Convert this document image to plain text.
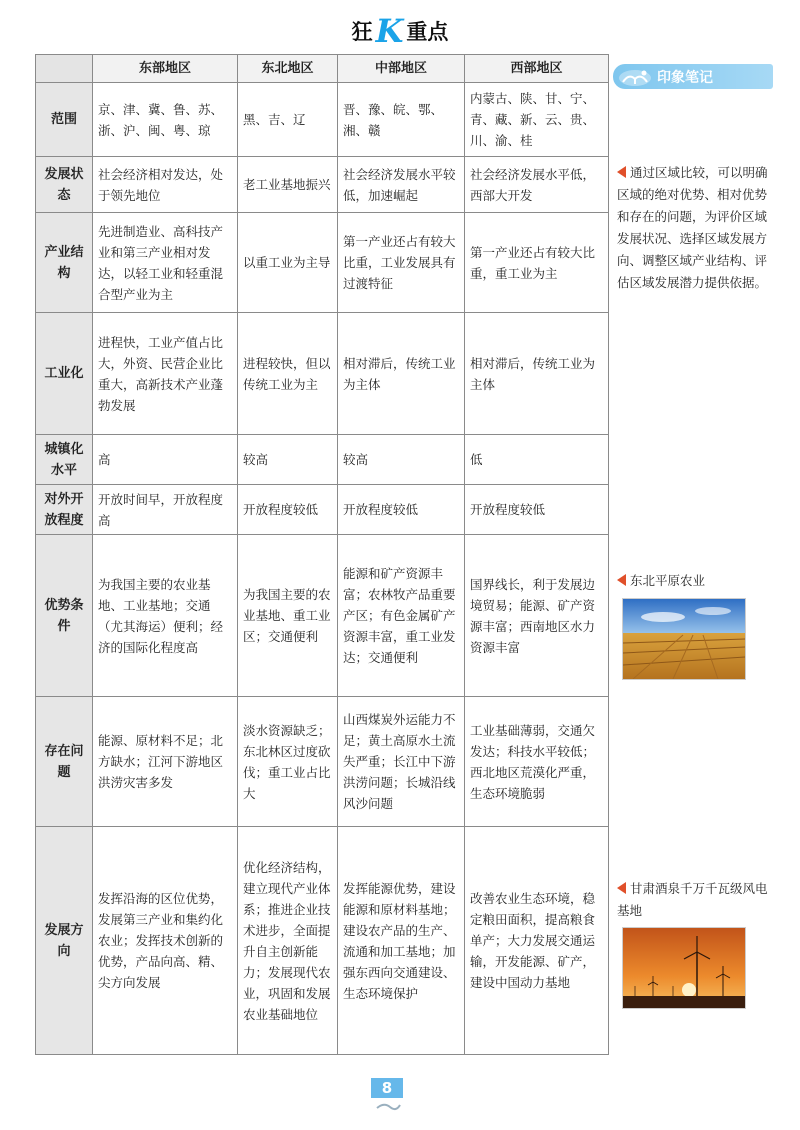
狂 K 重点
	东部地区	东北地区	中部地区	西部地区
范围	京、津、冀、鲁、苏、浙、沪、闽、粤、琼	黑、吉、辽	晋、豫、皖、鄂、湘、赣	内蒙古、陕、甘、宁、青、藏、新、云、贵、川、渝、桂
发展状态	社会经济相对发达，处于领先地位	老工业基地振兴	社会经济发展水平较低，加速崛起	社会经济发展水平低，西部大开发
产业结构	先进制造业、高科技产业和第三产业相对发达，以轻工业和轻重混合型产业为主	以重工业为主导	第一产业还占有较大比重，工业发展具有过渡特征	第一产业还占有较大比重，重工业为主
工业化	进程快，工业产值占比大，外资、民营企业比重大，高新技术产业蓬勃发展	进程较快，但以传统工业为主	相对滞后，传统工业为主体	相对滞后，传统工业为主体
城镇化水平	高	较高	较高	低
对外开放程度	开放时间早，开放程度高	开放程度较低	开放程度较低	开放程度较低
优势条件	为我国主要的农业基地、工业基地；交通（尤其海运）便利；经济的国际化程度高	为我国主要的农业基地、重工业区；交通便利	能源和矿产资源丰富；农林牧产品重要产区；有色金属矿产资源丰富，重工业发达；交通便利	国界线长，利于发展边境贸易；能源、矿产资源丰富；西南地区水力资源丰富
存在问题	能源、原材料不足；北方缺水；江河下游地区洪涝灾害多发	淡水资源缺乏；东北林区过度砍伐；重工业占比大	山西煤炭外运能力不足；黄土高原水土流失严重；长江中下游洪涝问题；长城沿线风沙问题	工业基础薄弱，交通欠发达；科技水平较低；西北地区荒漠化严重，生态环境脆弱
发展方向	发挥沿海的区位优势，发展第三产业和集约化农业；发挥技术创新的优势，产品向高、精、尖方向发展	优化经济结构，建立现代产业体系；推进企业技术进步，全面提升自主创新能力；发展现代农业，巩固和发展农业基础地位	发挥能源优势，建设能源和原材料基地；建设农产品的生产、流通和加工基地；加强东西向交通建设、生态环境保护	改善农业生态环境，稳定粮田面积，提高粮食单产；大力发展交通运输，开发能源、矿产，建设中国动力基地
印象笔记
通过区域比较，可以明确区域的绝对优势、相对优势和存在的问题，为评价区域发展状况、选择区域发展方向、调整区域产业结构、评估区域发展潜力提供依据。
东北平原农业
甘肃酒泉千万千瓦级风电基地
8
